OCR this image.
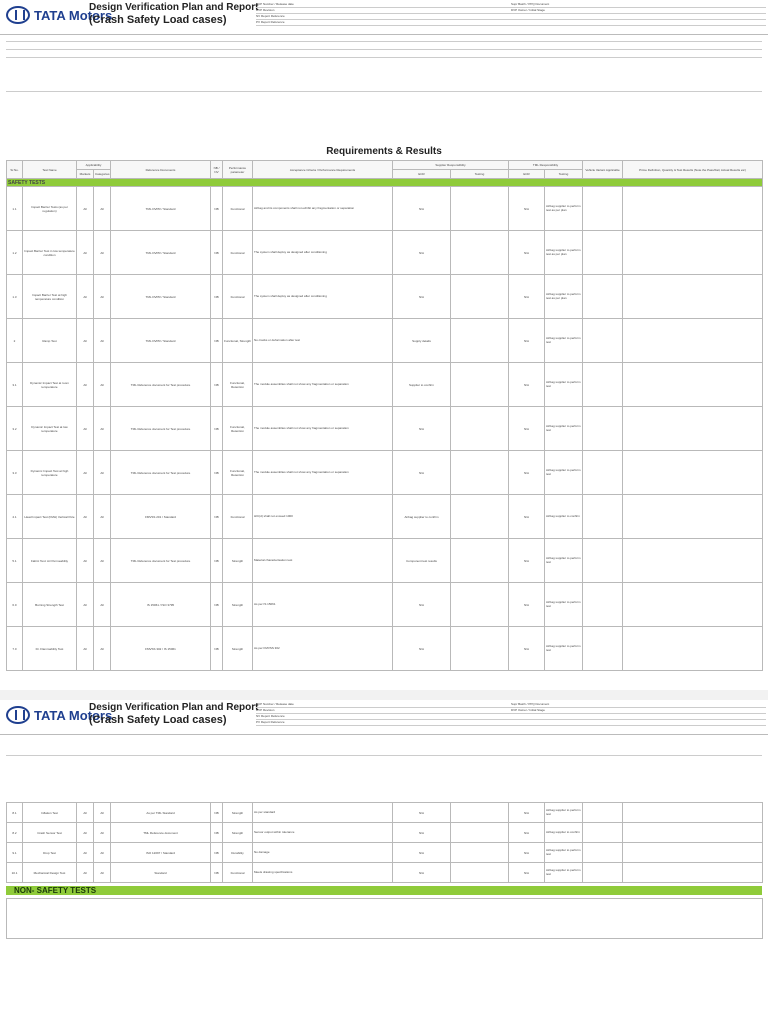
TATA Motors
Design Verification Plan and Report
(Crash Safety Load cases)
DVP Number / Release date	Supr Batch / PPQ Document
DVP Revision	DVP Owner / Initial Stage
NV Report Reference
PV Report Reference
Requirements & Results
Sr.No.	Test Name	Applicability		Reference Documents	NB / NV	Performance parameter	Acceptance Criteria / Performance Requirements	Supplier Responsibility		TML Responsibility		Vehicle Variant Applicable	Prime Definition, Quantity & Test Results (Note the Pass/Fail, Actual Results etc)
		Markets	Categories					ECR	Testing	ECR	Testing		
SAFETY TESTS													
1.1	Impact Barrier Tests (as per regulation)	All	All	TML DVPR / Standard	NB	Functional	Airbag and its components shall not exhibit any fragmentation or separation	N/A		N/A	Airbag supplier to perform test as per plan		
1.2	Impact Barrier Test in low temperature condition	All	All	TML DVPR / Standard	NB	Functional	The system shall deploy as designed after conditioning	N/A		N/A	Airbag supplier to perform test as per plan		
1.3	Impact Barrier Test at high temperature condition	All	All	TML DVPR / Standard	NB	Functional	The system shall deploy as designed after conditioning	N/A		N/A	Airbag supplier to perform test as per plan		
2	Ramp Test	All	All	TML DVPR / Standard	NB	Functional, Strength	No cracks or deformation after test	Supply details		N/A	Airbag supplier to perform test		
3.1	Dynamic Impact Test at room temperature	All	All	TML Reference document for Test procedure	NB	Functional, Retention	The module assemblies shall not show any fragmentation or separation	Supplier to confirm		N/A	Airbag supplier to perform test		
3.2	Dynamic Impact Test at low temperature	All	All	TML Reference document for Test procedure	NB	Functional, Retention	The module assemblies shall not show any fragmentation or separation	N/A		N/A	Airbag supplier to perform test		
3.3	Dynamic Impact Test at high temperature	All	All	TML Reference document for Test procedure	NB	Functional, Retention	The module assemblies shall not show any fragmentation or separation	N/A		N/A	Airbag supplier to perform test		
4.1	Head Impact Test (FMH) Vertical Pole	All	All	FMVSS 201 / Standard	NB	Functional	HIC(d) shall not exceed 1000	Airbag supplier to confirm		N/A	Airbag supplier to confirm		
5.1	Fabric Test: Air Permeability	All	All	TML Reference document for Test procedure	NB	Strength	Material characterisation test	Component test results		N/A	Airbag supplier to perform test		
6.0	Burning Strength Test	All	All	IS 15061 / ISO 3795	NB	Strength	As per IS 15061	N/A		N/A	Airbag supplier to perform test		
7.0	Dr. Flammability Test	All	All	FMVSS 302 / IS 15061	NB	Strength	As per FMVSS 302	N/A		N/A	Airbag supplier to perform test		
TATA Motors
Design Verification Plan and Report
(Crash Safety Load cases)
DVP Number / Release date	Supr Batch / PPQ Document
DVP Revision	DVP Owner / Initial Stage
NV Report Reference
PV Report Reference
8.1	Inflation Test	All	All	As per TML Standard	NB	Strength	As per standard	N/A		N/A	Airbag supplier to perform test		
8.2	Crash Sensor Test	All	All	TML Reference document	NB	Strength	Sensor output within tolerance	N/A		N/A	Airbag supplier to confirm		
9.1	Drop Test	All	All	ISO 12097 / Standard	NB	Durability	No damage	N/A		N/A	Airbag supplier to perform test		
10.1	Mechanical Design Test	All	All	Standard	NB	Functional	Meets drawing specifications	N/A		N/A	Airbag supplier to perform test		
NON- SAFETY TESTS
